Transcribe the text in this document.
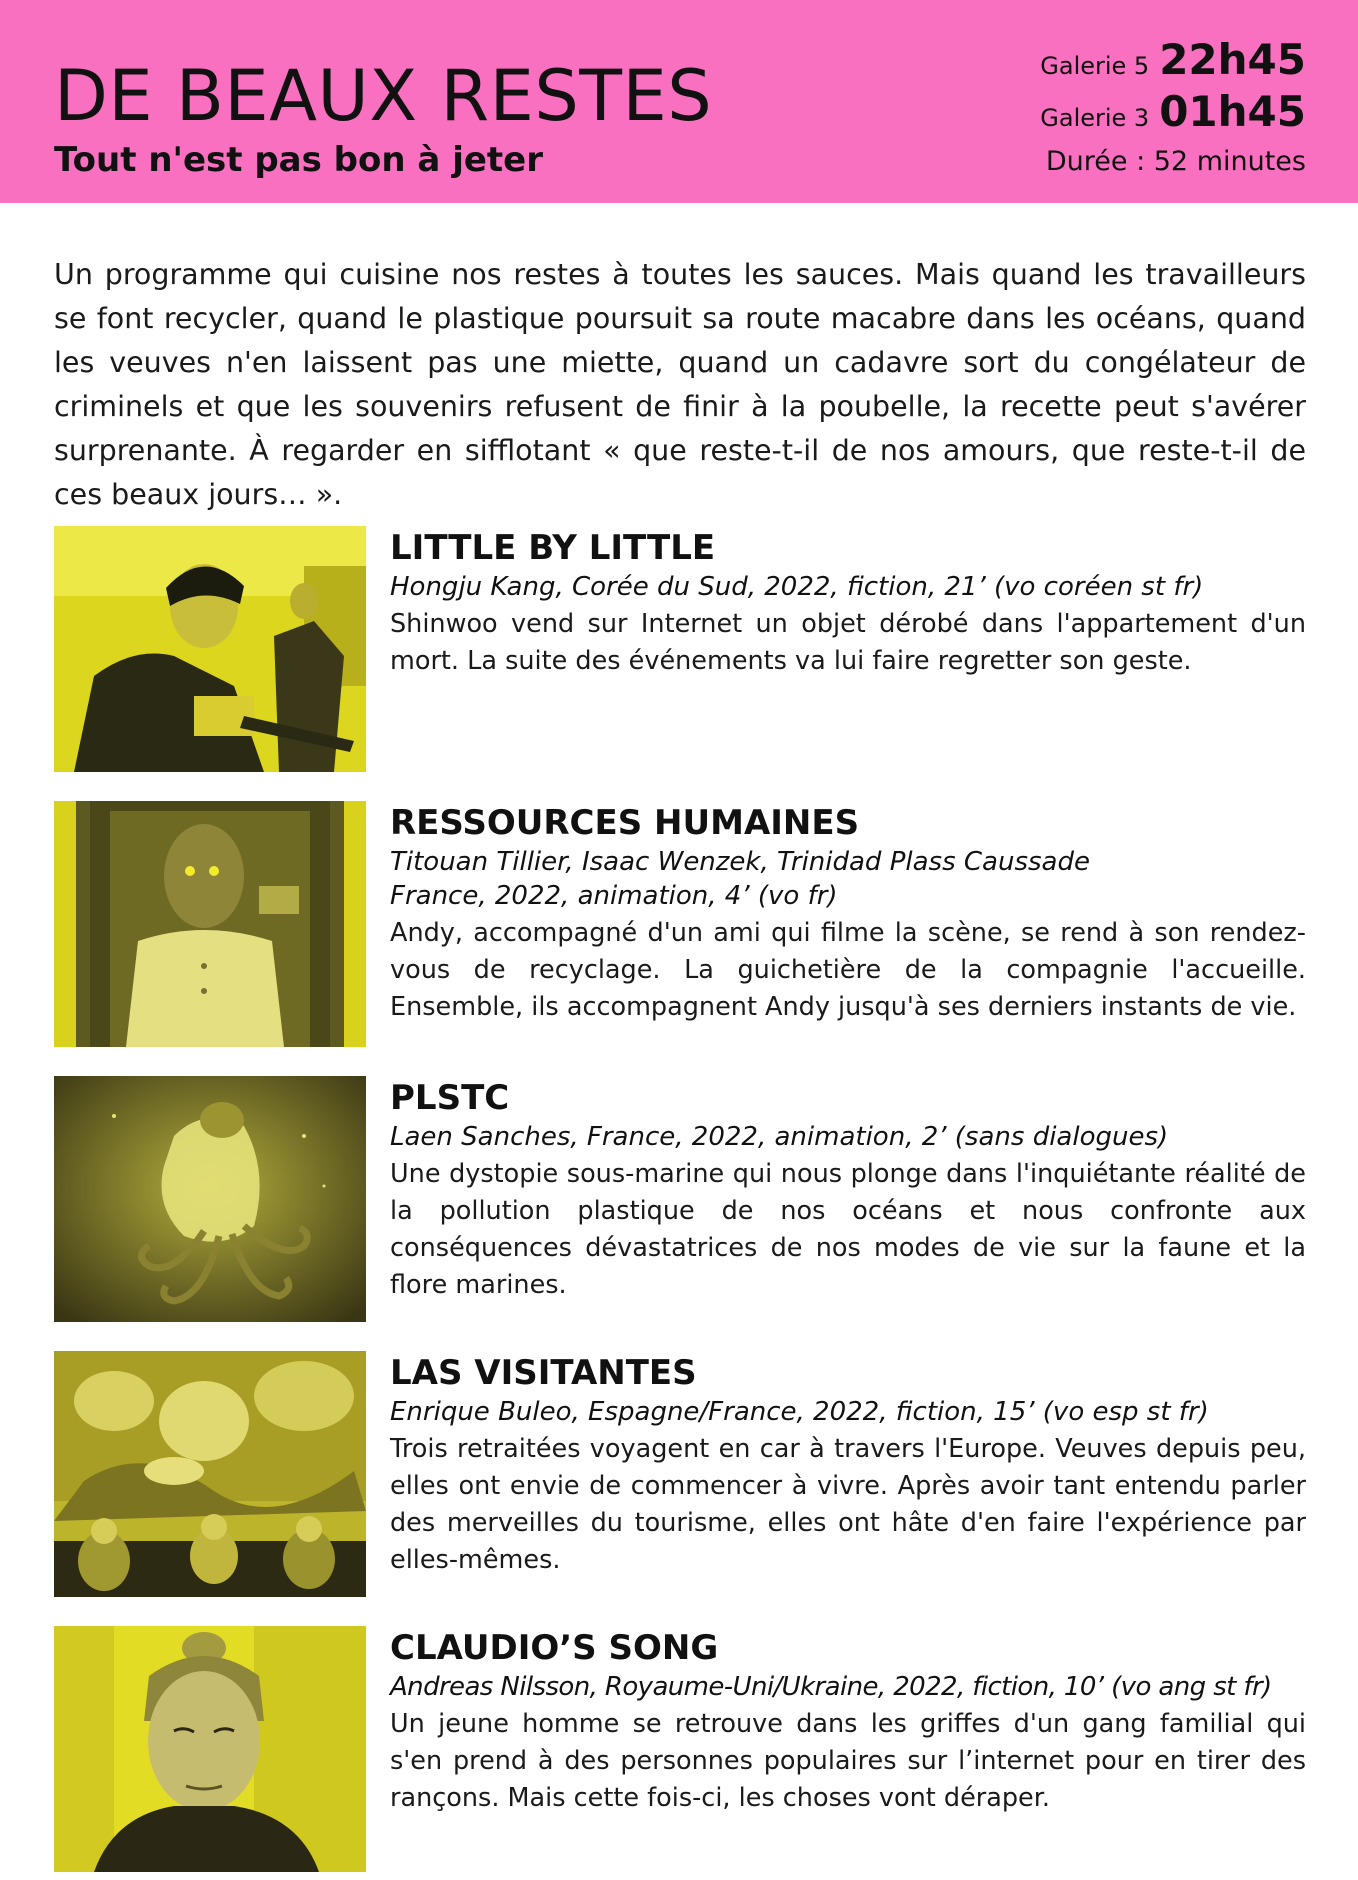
DE BEAUX RESTES
Tout n'est pas bon à jeter
Galerie 5 22h45
Galerie 3 01h45
Durée : 52 minutes

Un programme qui cuisine nos restes à toutes les sauces. Mais quand les travailleurs se font recycler, quand le plastique poursuit sa route macabre dans les océans, quand les veuves n'en laissent pas une miette, quand un cadavre sort du congélateur de criminels et que les souvenirs refusent de finir à la poubelle, la recette peut s'avérer surprenante. À regarder en sifflotant « que reste-t-il de nos amours, que reste-t-il de ces beaux jours… ».

LITTLE BY LITTLE

Hongju Kang, Corée du Sud, 2022, fiction, 21’ (vo coréen st fr)

Shinwoo vend sur Internet un objet dérobé dans l'appartement d'un mort. La suite des événements va lui faire regretter son geste.

RESSOURCES HUMAINES

Titouan Tillier, Isaac Wenzek, Trinidad Plass Caussade

France, 2022, animation, 4’ (vo fr)

Andy, accompagné d'un ami qui filme la scène, se rend à son rendez-vous de recyclage. La guichetière de la compagnie l'accueille. Ensemble, ils accompagnent Andy jusqu'à ses derniers instants de vie.

PLSTC

Laen Sanches, France, 2022, animation, 2’ (sans dialogues)

Une dystopie sous-marine qui nous plonge dans l'inquiétante réalité de la pollution plastique de nos océans et nous confronte aux conséquences dévastatrices de nos modes de vie sur la faune et la flore marines.

LAS VISITANTES

Enrique Buleo, Espagne/France, 2022, fiction, 15’ (vo esp st fr)

Trois retraitées voyagent en car à travers l'Europe. Veuves depuis peu, elles ont envie de commencer à vivre. Après avoir tant entendu parler des merveilles du tourisme, elles ont hâte d'en faire l'expérience par elles-mêmes.

CLAUDIO’S SONG

Andreas Nilsson, Royaume-Uni/Ukraine, 2022, fiction, 10’ (vo ang st fr)

Un jeune homme se retrouve dans les griffes d'un gang familial qui s'en prend à des personnes populaires sur l’internet pour en tirer des rançons. Mais cette fois-ci, les choses vont déraper.
